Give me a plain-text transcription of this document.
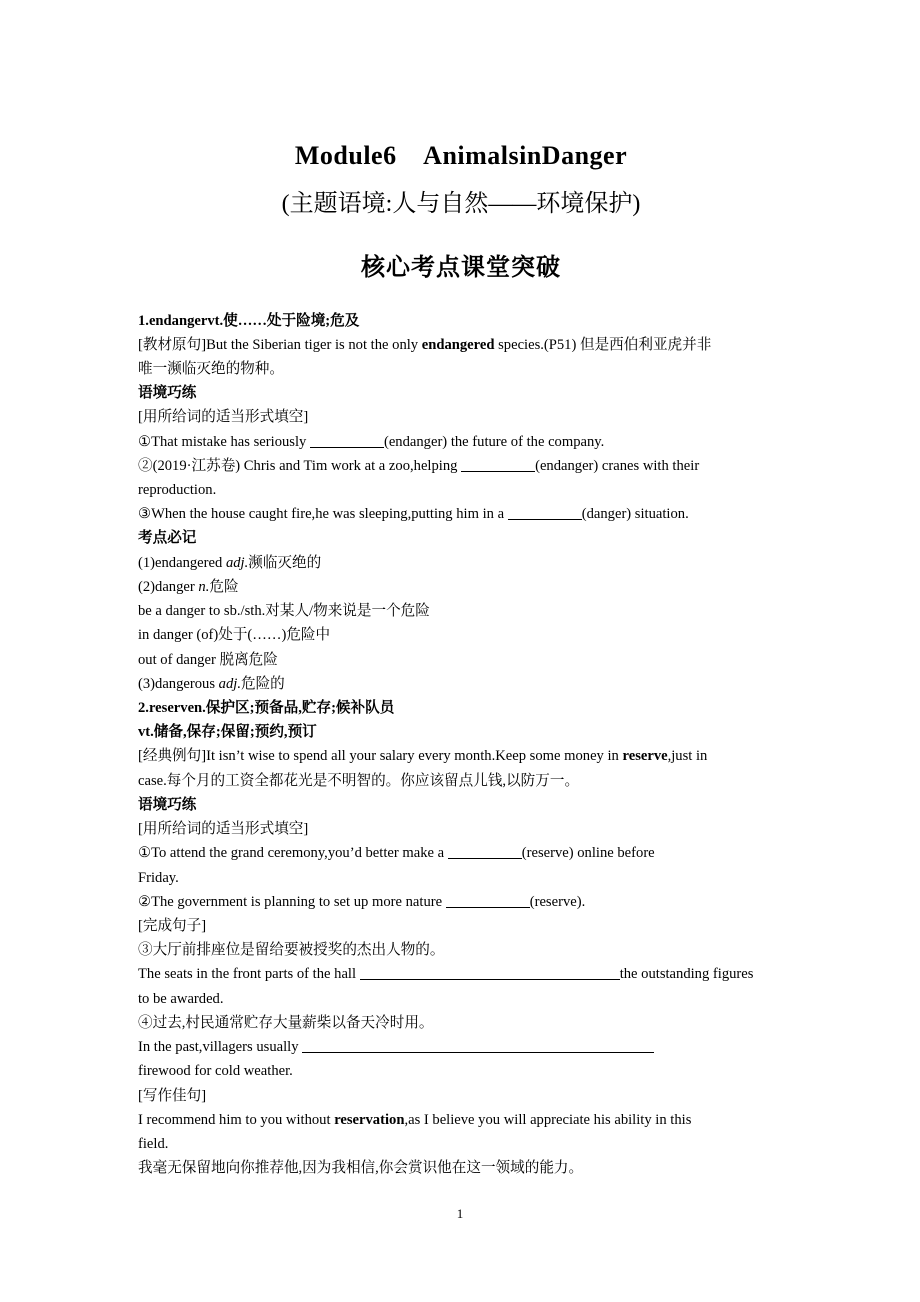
Module6    AnimalsinDanger
(主题语境:人与自然——环境保护)
核心考点课堂突破

1.endangervt.使……处于险境;危及

[教材原句]But the Siberian tiger is not the only endangered species.(P51) 但是西伯利亚虎并非

唯一濒临灭绝的物种。

语境巧练

[用所给词的适当形式填空]

①That mistake has seriously	(endanger) the future of the company.

②(2019·江苏卷) Chris and Tim work at a zoo,helping	(endanger) cranes with their

reproduction.

③When the house caught fire,he was sleeping,putting him in a	(danger) situation.

考点必记

(1)endangered adj.濒临灭绝的

(2)danger n.危险

be a danger to sb./sth.对某人/物来说是一个危险

in danger (of)处于(……)危险中

out of danger 脱离危险

(3)dangerous adj.危险的

2.reserven.保护区;预备品,贮存;候补队员

vt.储备,保存;保留;预约,预订

[经典例句]It isn’t wise to spend all your salary every month.Keep some money in reserve,just in

case.每个月的工资全都花光是不明智的。你应该留点儿钱,以防万一。

语境巧练

[用所给词的适当形式填空]

①To attend the grand ceremony,you’d better make a	(reserve) online before

Friday.

②The government is planning to set up more nature	(reserve).

[完成句子]

③大厅前排座位是留给要被授奖的杰出人物的。

The seats in the front parts of the hall	the outstanding figures

to be awarded.

④过去,村民通常贮存大量薪柴以备天冷时用。

In the past,villagers usually

firewood for cold weather.

[写作佳句]

I recommend him to you without reservation,as I believe you will appreciate his ability in this

field.

我毫无保留地向你推荐他,因为我相信,你会赏识他在这一领域的能力。

1
